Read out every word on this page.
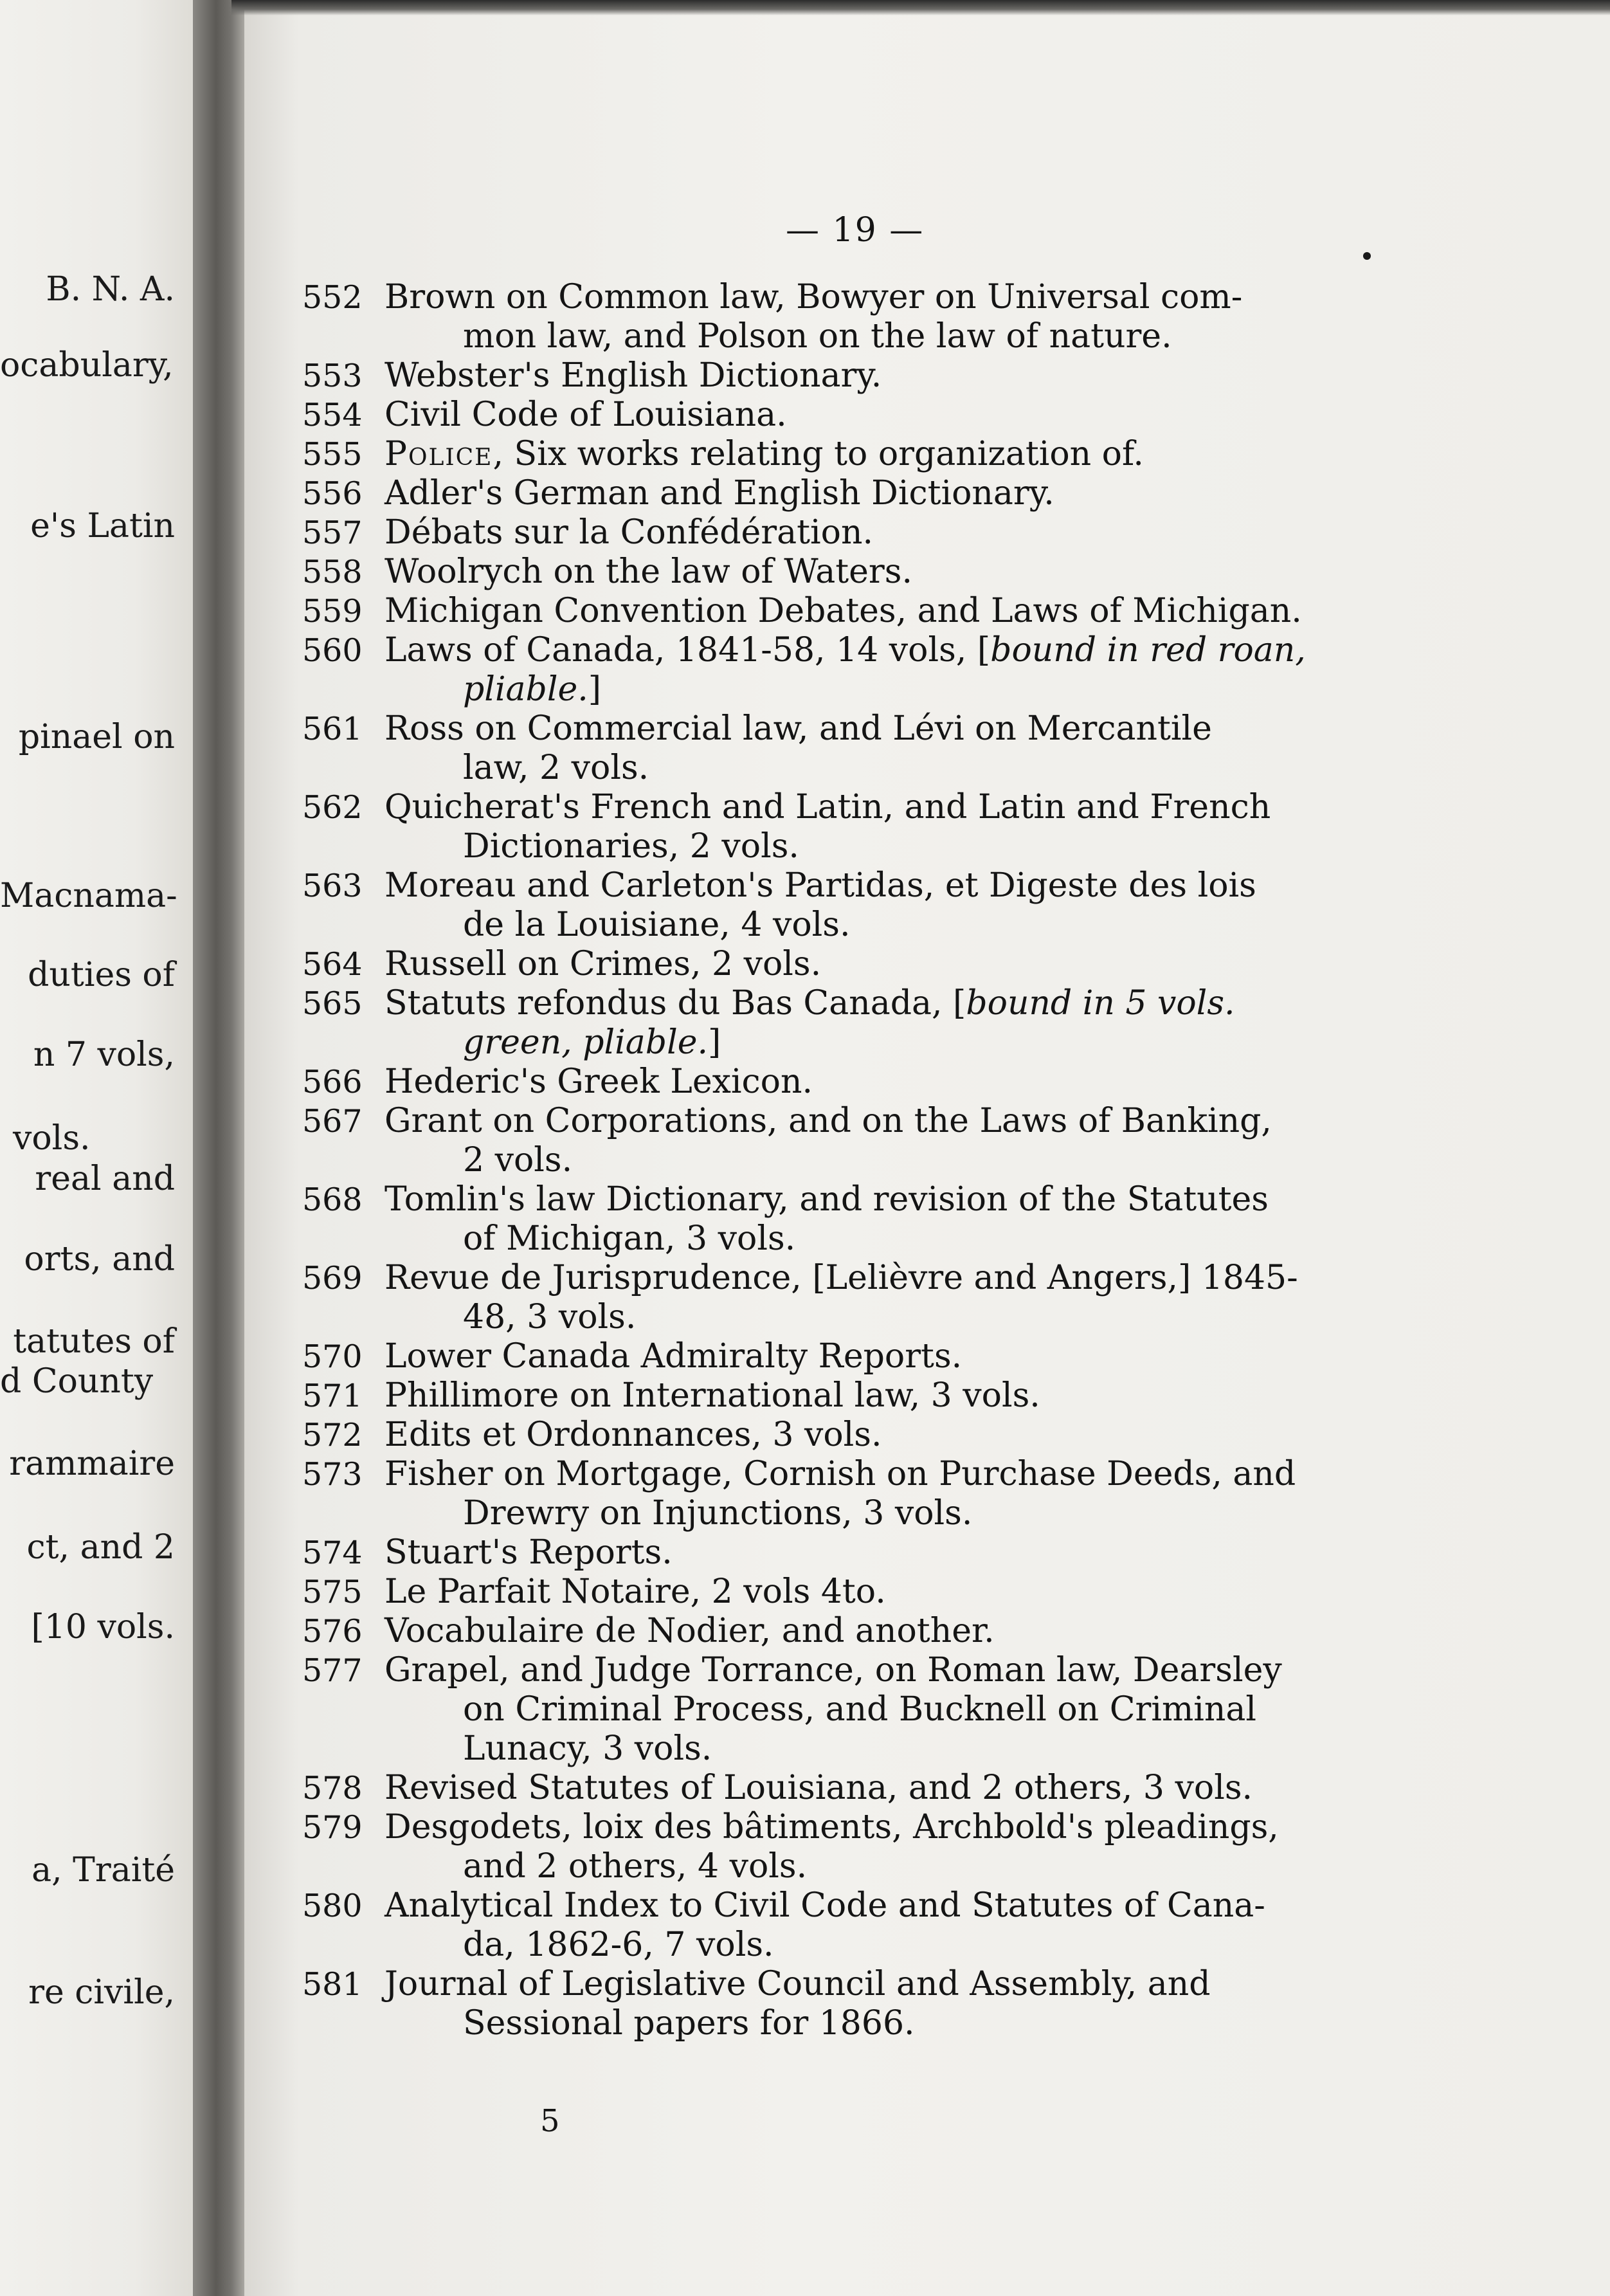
B. N. A.
ocabulary,
e's Latin
pinael on
Macnama-
duties of
n 7 vols,
vols.
real and
orts, and
tatutes of
d County
rammaire
ct, and 2
[10 vols.
a, Traité
re civile,
— 19 —
552 Brown on Common law, Bowyer on Universal com-
mon law, and Polson on the law of nature.
553 Webster's English Dictionary.
554 Civil Code of Louisiana.
555 Police, Six works relating to organization of.
556 Adler's German and English Dictionary.
557 Débats sur la Confédération.
558 Woolrych on the law of Waters.
559 Michigan Convention Debates, and Laws of Michigan.
560 Laws of Canada, 1841-58, 14 vols, [bound in red roan,
pliable.]
561 Ross on Commercial law, and Lévi on Mercantile
law, 2 vols.
562 Quicherat's French and Latin, and Latin and French
Dictionaries, 2 vols.
563 Moreau and Carleton's Partidas, et Digeste des lois
de la Louisiane, 4 vols.
564 Russell on Crimes, 2 vols.
565 Statuts refondus du Bas Canada, [bound in 5 vols.
green, pliable.]
566 Hederic's Greek Lexicon.
567 Grant on Corporations, and on the Laws of Banking,
2 vols.
568 Tomlin's law Dictionary, and revision of the Statutes
of Michigan, 3 vols.
569 Revue de Jurisprudence, [Lelièvre and Angers,] 1845-
48, 3 vols.
570 Lower Canada Admiralty Reports.
571 Phillimore on International law, 3 vols.
572 Edits et Ordonnances, 3 vols.
573 Fisher on Mortgage, Cornish on Purchase Deeds, and
Drewry on Injunctions, 3 vols.
574 Stuart's Reports.
575 Le Parfait Notaire, 2 vols 4to.
576 Vocabulaire de Nodier, and another.
577 Grapel, and Judge Torrance, on Roman law, Dearsley
on Criminal Process, and Bucknell on Criminal
Lunacy, 3 vols.
578 Revised Statutes of Louisiana, and 2 others, 3 vols.
579 Desgodets, loix des bâtiments, Archbold's pleadings,
and 2 others, 4 vols.
580 Analytical Index to Civil Code and Statutes of Cana-
da, 1862-6, 7 vols.
581 Journal of Legislative Council and Assembly, and
Sessional papers for 1866.
5
